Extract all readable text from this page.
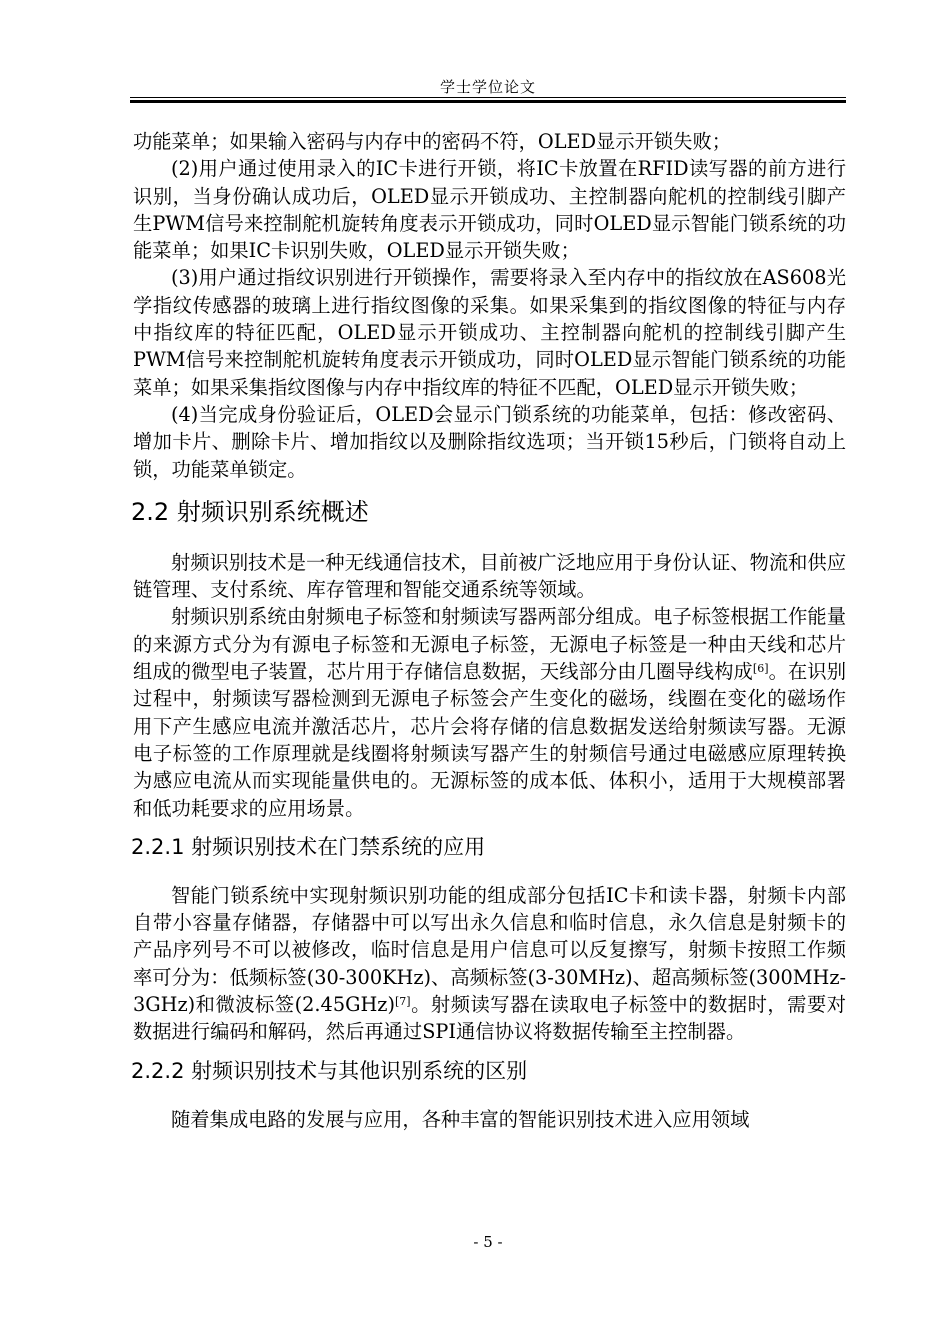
学士学位论文

功能菜单；如果输入密码与内存中的密码不符，OLED显示开锁失败；

(2)用户通过使用录入的IC卡进行开锁，将IC卡放置在RFID读写器的前方进行识别，当身份确认成功后，OLED显示开锁成功、主控制器向舵机的控制线引脚产生PWM信号来控制舵机旋转角度表示开锁成功，同时OLED显示智能门锁系统的功能菜单；如果IC卡识别失败，OLED显示开锁失败；

(3)用户通过指纹识别进行开锁操作，需要将录入至内存中的指纹放在AS608光学指纹传感器的玻璃上进行指纹图像的采集。如果采集到的指纹图像的特征与内存中指纹库的特征匹配，OLED显示开锁成功、主控制器向舵机的控制线引脚产生PWM信号来控制舵机旋转角度表示开锁成功，同时OLED显示智能门锁系统的功能菜单；如果采集指纹图像与内存中指纹库的特征不匹配，OLED显示开锁失败；

(4)当完成身份验证后，OLED会显示门锁系统的功能菜单，包括：修改密码、增加卡片、删除卡片、增加指纹以及删除指纹选项；当开锁15秒后，门锁将自动上锁，功能菜单锁定。

2.2 射频识别系统概述

射频识别技术是一种无线通信技术，目前被广泛地应用于身份认证、物流和供应链管理、支付系统、库存管理和智能交通系统等领域。

射频识别系统由射频电子标签和射频读写器两部分组成。电子标签根据工作能量的来源方式分为有源电子标签和无源电子标签，无源电子标签是一种由天线和芯片组成的微型电子装置，芯片用于存储信息数据，天线部分由几圈导线构成[6]。在识别过程中，射频读写器检测到无源电子标签会产生变化的磁场，线圈在变化的磁场作用下产生感应电流并激活芯片，芯片会将存储的信息数据发送给射频读写器。无源电子标签的工作原理就是线圈将射频读写器产生的射频信号通过电磁感应原理转换为感应电流从而实现能量供电的。无源标签的成本低、体积小，适用于大规模部署和低功耗要求的应用场景。

2.2.1 射频识别技术在门禁系统的应用

智能门锁系统中实现射频识别功能的组成部分包括IC卡和读卡器，射频卡内部自带小容量存储器，存储器中可以写出永久信息和临时信息，永久信息是射频卡的产品序列号不可以被修改，临时信息是用户信息可以反复擦写，射频卡按照工作频率可分为：低频标签(30-300KHz)、高频标签(3-30MHz)、超高频标签(300MHz-3GHz)和微波标签(2.45GHz)[7]。射频读写器在读取电子标签中的数据时，需要对数据进行编码和解码，然后再通过SPI通信协议将数据传输至主控制器。

2.2.2 射频识别技术与其他识别系统的区别

随着集成电路的发展与应用，各种丰富的智能识别技术进入应用领域

- 5 -
